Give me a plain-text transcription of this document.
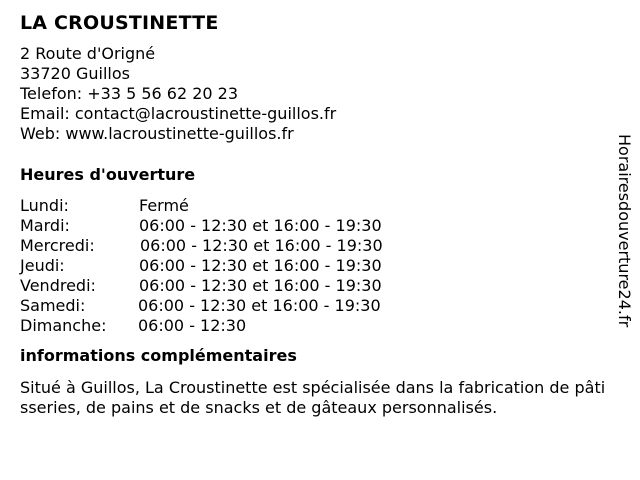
LA CROUSTINETTE
2 Route d'Origné
33720 Guillos
Telefon: +33 5 56 62 20 23
Email: contact@lacroustinette-guillos.fr
Web: www.lacroustinette-guillos.fr
Heures d'ouverture
Lundi:	Fermé
Mardi:	06:00 - 12:30 et 16:00 - 19:30
Mercredi:	06:00 - 12:30 et 16:00 - 19:30
Jeudi:	06:00 - 12:30 et 16:00 - 19:30
Vendredi:	06:00 - 12:30 et 16:00 - 19:30
Samedi:	06:00 - 12:30 et 16:00 - 19:30
Dimanche: 06:00 - 12:30
informations complémentaires
Situé à Guillos, La Croustinette est spécialisée dans la fabrication de pâtisseries, de pains et de snacks et de gâteaux personnalisés.
Horairesdouverture24.fr
